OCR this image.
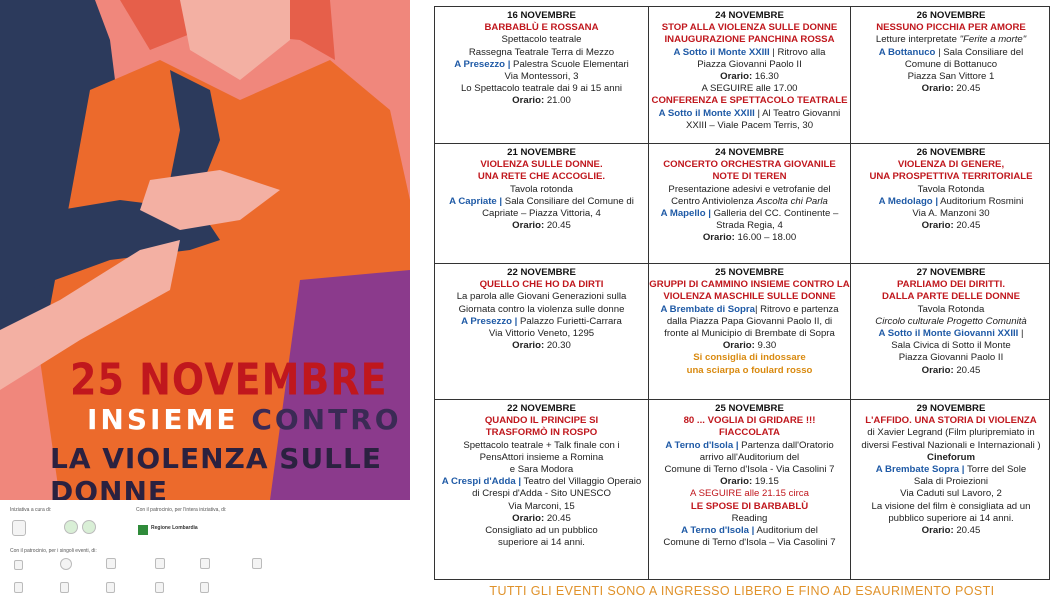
25 NOVEMBRE
INSIEME CONTRO
LA VIOLENZA SULLE DONNE
Iniziativa a cura di:	Con il patrocinio, per l'intera iniziativa, di:
Regione Lombardia
Con il patrocinio, per i singoli eventi, di:
16 NOVEMBRE
BARBABLÙ E ROSSANA
Spettacolo teatrale
Rassegna Teatrale Terra di Mezzo
A Presezzo | Palestra Scuole Elementari
Via Montessori, 3
Lo Spettacolo teatrale dai 9 ai 15 anni
Orario: 21.00
24 NOVEMBRE
STOP ALLA VIOLENZA SULLE DONNE
INAUGURAZIONE PANCHINA ROSSA
A Sotto il Monte XXIII | Ritrovo alla
Piazza Giovanni Paolo II
Orario: 16.30
A SEGUIRE alle 17.00
CONFERENZA E SPETTACOLO TEATRALE
A Sotto il Monte XXIII | Al Teatro Giovanni
XXIII – Viale Pacem Terris, 30
26 NOVEMBRE
NESSUNO PICCHIA PER AMORE
Letture interpretate "Ferite a morte"
A Bottanuco | Sala Consiliare del
Comune di Bottanuco
Piazza San Vittore 1
Orario: 20.45
21 NOVEMBRE
VIOLENZA SULLE DONNE.
UNA RETE CHE ACCOGLIE.
Tavola rotonda
A Capriate | Sala Consiliare del Comune di
Capriate – Piazza Vittoria, 4
Orario: 20.45
24 NOVEMBRE
CONCERTO ORCHESTRA GIOVANILE
NOTE DI TEREN
Presentazione adesivi e vetrofanie del
Centro Antiviolenza Ascolta chi Parla
A Mapello | Galleria del CC. Continente –
Strada Regia, 4
Orario: 16.00 – 18.00
26 NOVEMBRE
VIOLENZA DI GENERE,
UNA PROSPETTIVA TERRITORIALE
Tavola Rotonda
A Medolago | Auditorium Rosmini
Via A. Manzoni 30
Orario: 20.45
22 NOVEMBRE
QUELLO CHE HO DA DIRTI
La parola alle Giovani Generazioni sulla
Giornata contro la violenza sulle donne
A Presezzo | Palazzo Furietti-Carrara
Via Vittorio Veneto, 1295
Orario: 20.30
25 NOVEMBRE
GRUPPI DI CAMMINO INSIEME CONTRO LA
VIOLENZA MASCHILE SULLE DONNE
A Brembate di Sopra| Ritrovo e partenza
dalla Piazza Papa Giovanni Paolo II, di
fronte al Municipio di Brembate di Sopra
Orario: 9.30
Si consiglia di indossare
una sciarpa o foulard rosso
27 NOVEMBRE
PARLIAMO DEI DIRITTI.
DALLA PARTE DELLE DONNE
Tavola Rotonda
Circolo culturale Progetto Comunità
A Sotto il Monte Giovanni XXIII |
Sala Civica di Sotto il Monte
Piazza Giovanni Paolo II
Orario: 20.45
22 NOVEMBRE
QUANDO IL PRINCIPE SI
TRASFORMÒ IN ROSPO
Spettacolo teatrale + Talk finale con i
PensAttori insieme a Romina
e Sara Modora
A Crespi d'Adda | Teatro del Villaggio Operaio
di Crespi d'Adda - Sito UNESCO
Via Marconi, 15
Orario: 20.45
Consigliato ad un pubblico
superiore ai 14 anni.
25 NOVEMBRE
80 ... VOGLIA DI GRIDARE !!!
FIACCOLATA
A Terno d'Isola | Partenza dall'Oratorio
arrivo all'Auditorium del
Comune di Terno d'Isola - Via Casolini 7
Orario: 19.15
A SEGUIRE alle 21.15 circa
LE SPOSE DI BARBABLÙ
Reading
A Terno d'Isola | Auditorium del
Comune di Terno d'Isola – Via Casolini 7
29 NOVEMBRE
L'AFFIDO. UNA STORIA DI VIOLENZA
di Xavier Legrand (Film pluripremiato in
diversi Festival Nazionali e Internazionali )
Cineforum
A Brembate Sopra | Torre del Sole
Sala di Proiezioni
Via Caduti sul Lavoro, 2
La visione del film è consigliata ad un
pubblico superiore ai 14 anni.
Orario: 20.45
TUTTI GLI EVENTI SONO A INGRESSO LIBERO E FINO AD ESAURIMENTO POSTI
